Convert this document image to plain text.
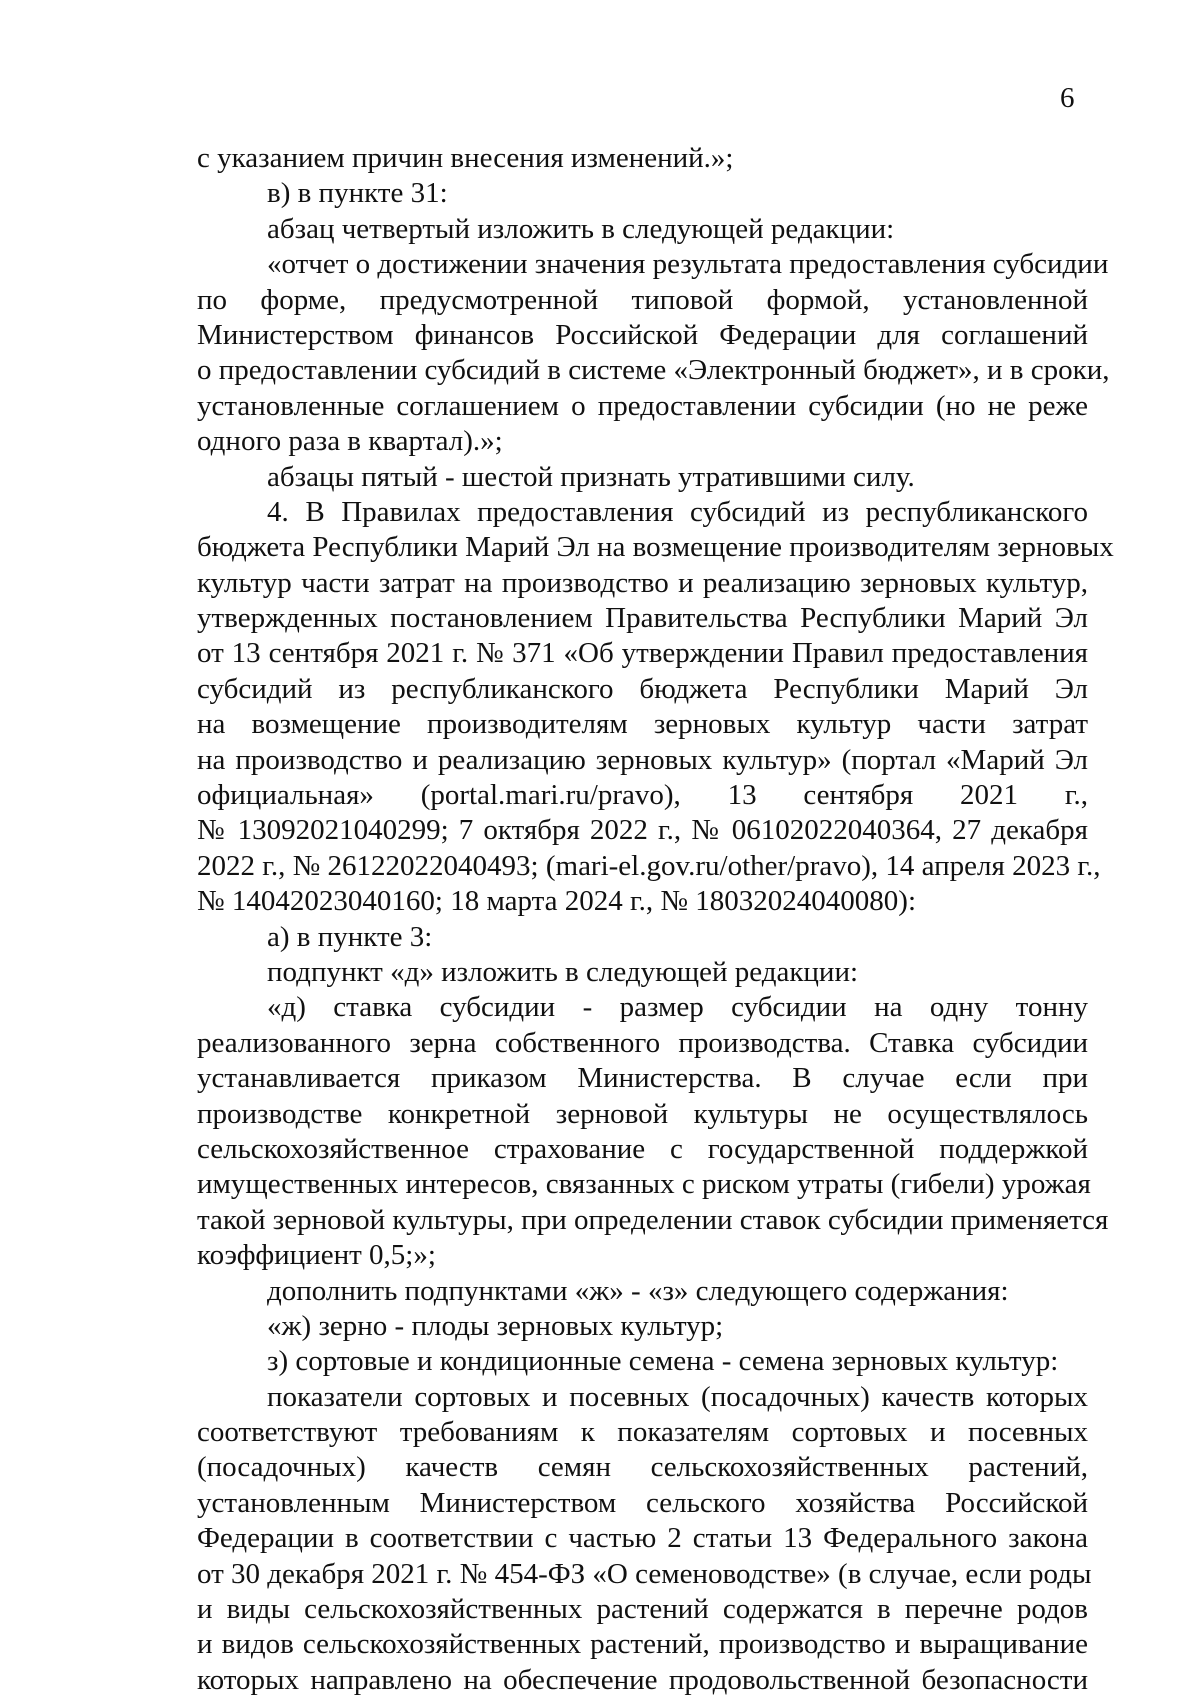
6
с указанием причин внесения изменений.»;
в) в пункте 31:
абзац четвертый изложить в следующей редакции:
«отчет о достижении значения результата предоставления субсидии
по форме, предусмотренной типовой формой, установленной
Министерством финансов Российской Федерации для соглашений
о предоставлении субсидий в системе «Электронный бюджет», и в сроки,
установленные соглашением о предоставлении субсидии (но не реже
одного раза в квартал).»;
абзацы пятый - шестой признать утратившими силу.
4. В Правилах предоставления субсидий из республиканского
бюджета Республики Марий Эл на возмещение производителям зерновых
культур части затрат на производство и реализацию зерновых культур,
утвержденных постановлением Правительства Республики Марий Эл
от 13 сентября 2021 г. № 371 «Об утверждении Правил предоставления
субсидий из республиканского бюджета Республики Марий Эл
на возмещение производителям зерновых культур части затрат
на производство и реализацию зерновых культур» (портал «Марий Эл
официальная» (portal.mari.ru/pravo), 13 сентября 2021 г.,
№ 13092021040299; 7 октября 2022 г., № 06102022040364, 27 декабря
2022 г., № 26122022040493; (mari-el.gov.ru/other/pravo), 14 апреля 2023 г.,
№ 14042023040160; 18 марта 2024 г., № 18032024040080):
а) в пункте 3:
подпункт «д» изложить в следующей редакции:
«д) ставка субсидии - размер субсидии на одну тонну
реализованного зерна собственного производства. Ставка субсидии
устанавливается приказом Министерства. В случае если при
производстве конкретной зерновой культуры не осуществлялось
сельскохозяйственное страхование с государственной поддержкой
имущественных интересов, связанных с риском утраты (гибели) урожая
такой зерновой культуры, при определении ставок субсидии применяется
коэффициент 0,5;»;
дополнить подпунктами «ж» - «з» следующего содержания:
«ж) зерно - плоды зерновых культур;
з) сортовые и кондиционные семена - семена зерновых культур:
показатели сортовых и посевных (посадочных) качеств которых
соответствуют требованиям к показателям сортовых и посевных
(посадочных) качеств семян сельскохозяйственных растений,
установленным Министерством сельского хозяйства Российской
Федерации в соответствии с частью 2 статьи 13 Федерального закона
от 30 декабря 2021 г. № 454-ФЗ «О семеноводстве» (в случае, если роды
и виды сельскохозяйственных растений содержатся в перечне родов
и видов сельскохозяйственных растений, производство и выращивание
которых направлено на обеспечение продовольственной безопасности
